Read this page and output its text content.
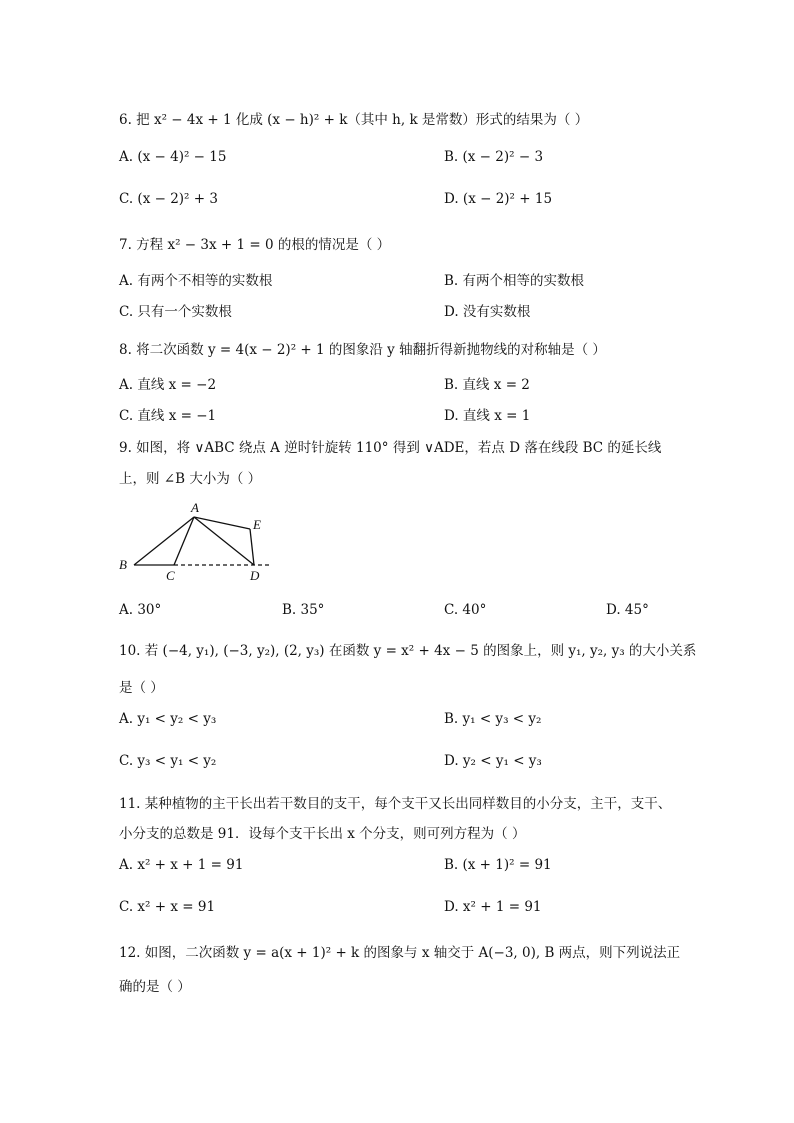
6. 把 x² − 4x + 1 化成 (x − h)² + k（其中 h, k 是常数）形式的结果为（ ）
A. (x − 4)² − 15	B. (x − 2)² − 3
C. (x − 2)² + 3	D. (x − 2)² + 15
7. 方程 x² − 3x + 1 = 0 的根的情况是（ ）
A. 有两个不相等的实数根	B. 有两个相等的实数根
C. 只有一个实数根	D. 没有实数根
8. 将二次函数 y = 4(x − 2)² + 1 的图象沿 y 轴翻折得新抛物线的对称轴是（ ）
A. 直线 x = −2	B. 直线 x = 2
C. 直线 x = −1	D. 直线 x = 1
9. 如图，将 ∨ABC 绕点 A 逆时针旋转 110° 得到 ∨ADE，若点 D 落在线段 BC 的延长线
上，则 ∠B 大小为（ ）
A
E
B
C	D
A. 30°	B. 35°	C. 40°	D. 45°
10. 若 (−4, y₁), (−3, y₂), (2, y₃) 在函数 y = x² + 4x − 5 的图象上，则 y₁, y₂, y₃ 的大小关系
是（ ）
A. y₁ < y₂ < y₃	B. y₁ < y₃ < y₂
C. y₃ < y₁ < y₂	D. y₂ < y₁ < y₃
11. 某种植物的主干长出若干数目的支干，每个支干又长出同样数目的小分支，主干，支干、
小分支的总数是 91．设每个支干长出 x 个分支，则可列方程为（ ）
A. x² + x + 1 = 91	B. (x + 1)² = 91
C. x² + x = 91	D. x² + 1 = 91
12. 如图，二次函数 y = a(x + 1)² + k 的图象与 x 轴交于 A(−3, 0), B 两点，则下列说法正
确的是（ ）
